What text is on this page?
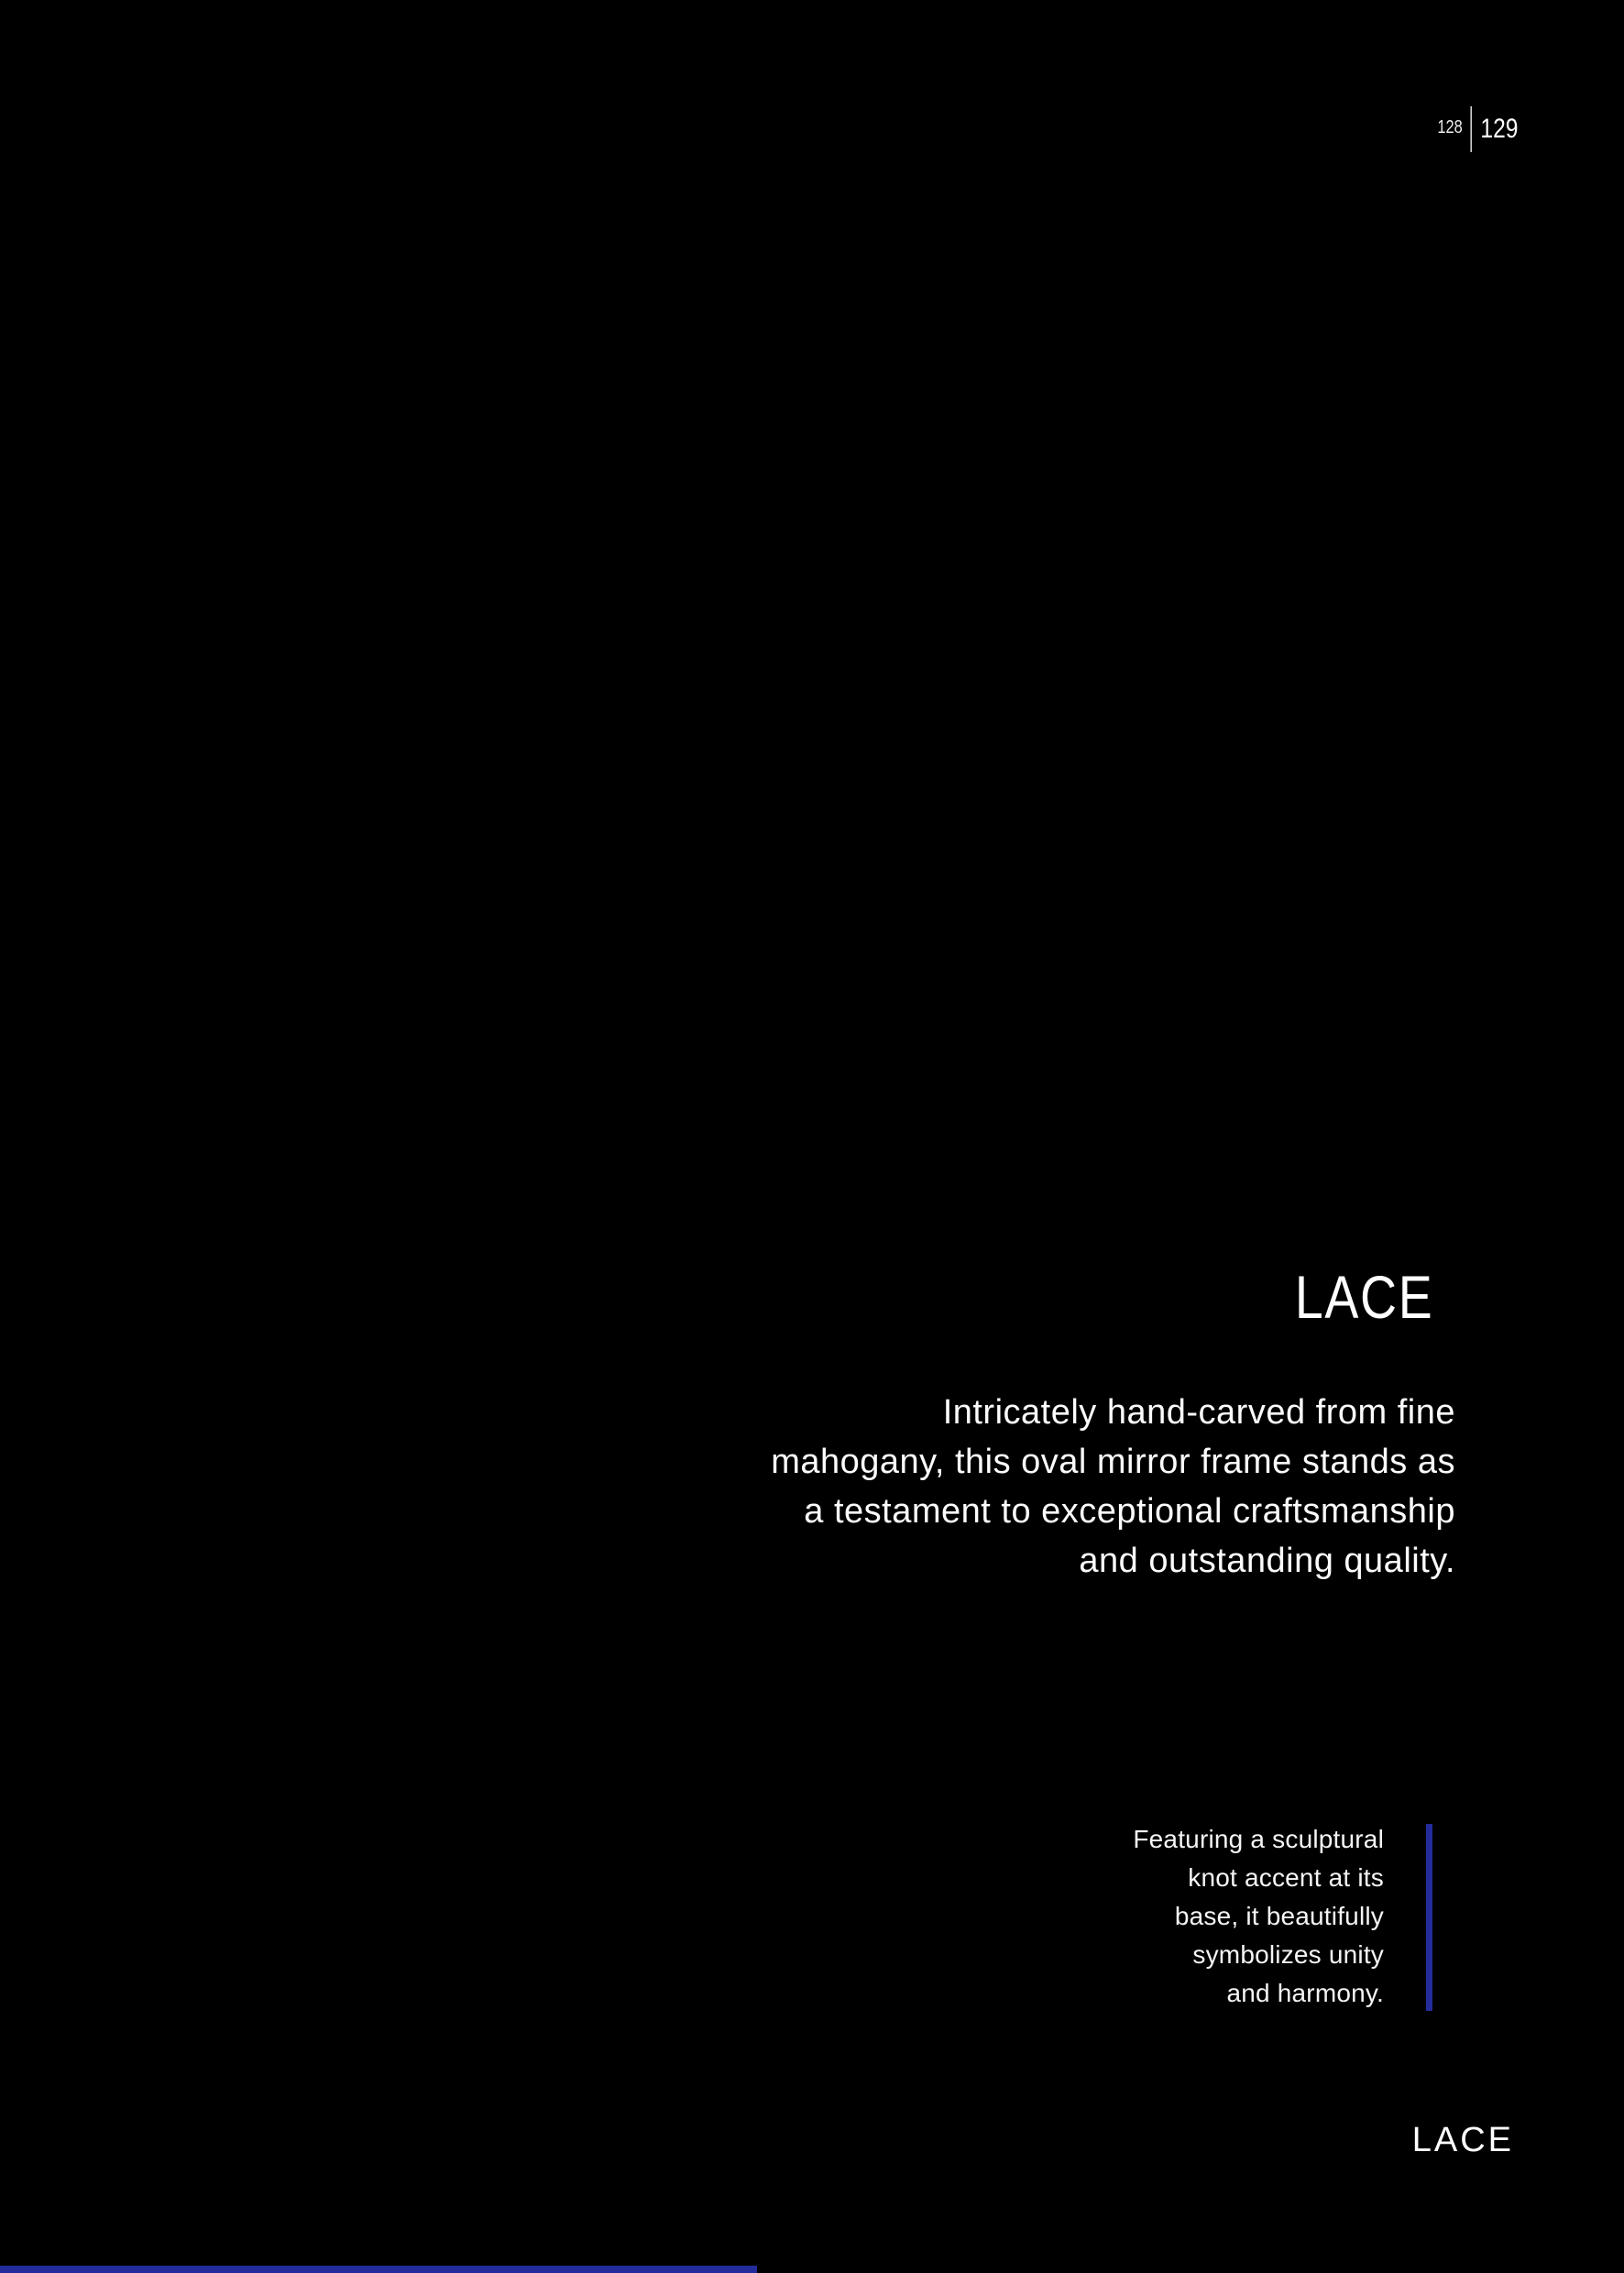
128 129
LACE
Intricately hand-carved from fine
mahogany, this oval mirror frame stands as
a testament to exceptional craftsmanship
and outstanding quality.
Featuring a sculptural
knot accent at its
base, it beautifully
symbolizes unity
and harmony.
LACE
